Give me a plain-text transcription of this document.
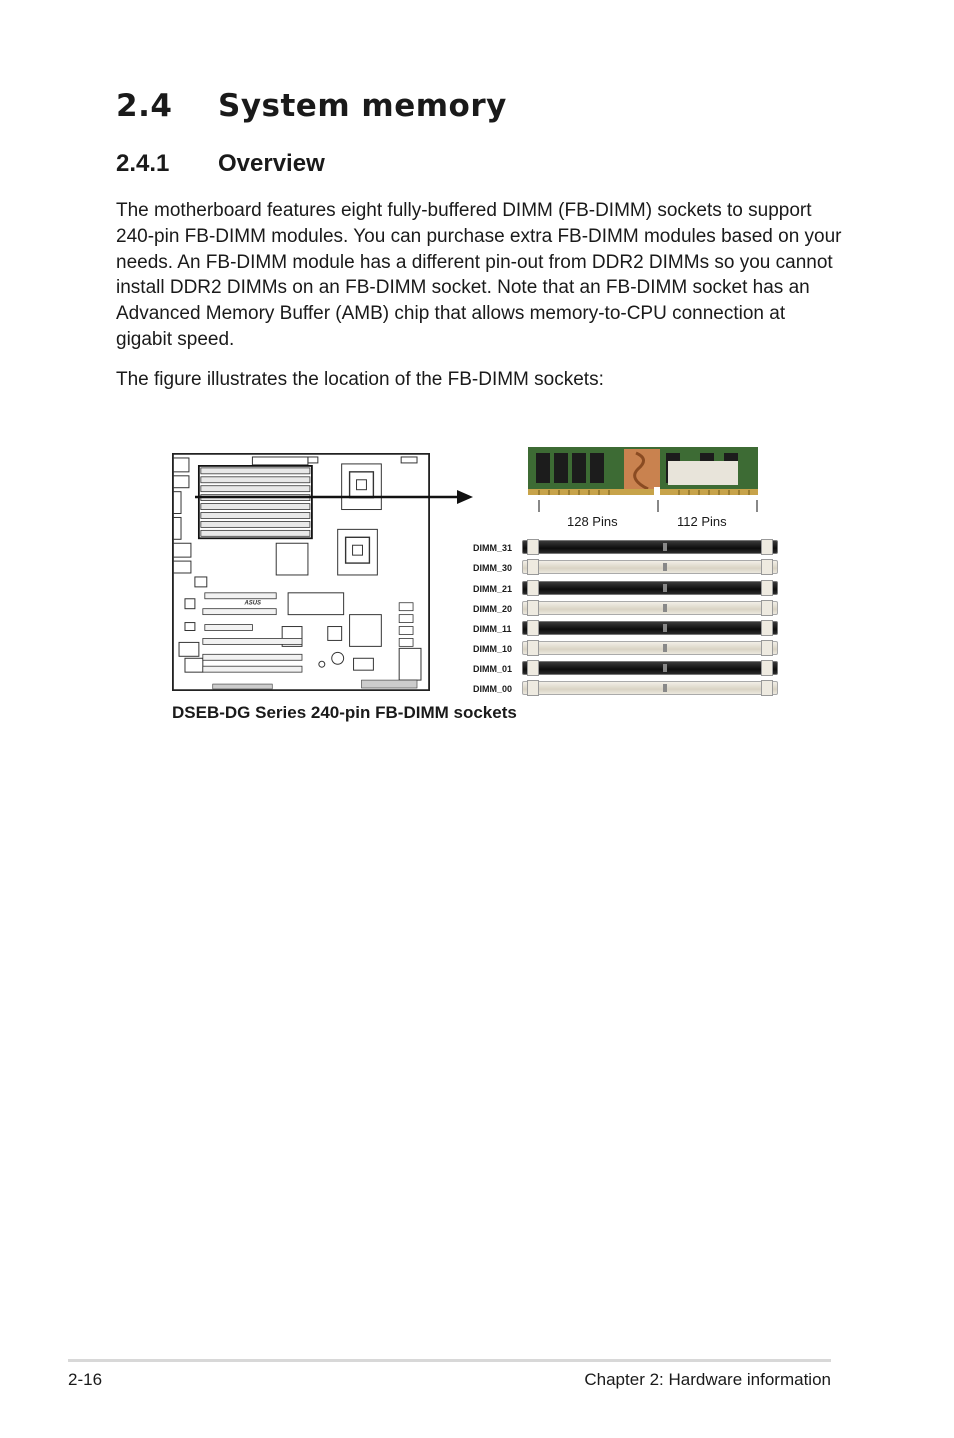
2.4 System memory
2.4.1 Overview

The motherboard features eight fully-buffered DIMM (FB-DIMM) sockets to support 240-pin FB-DIMM modules. You can purchase extra FB-DIMM modules based on your needs. An FB-DIMM module has a different pin-out from DDR2 DIMMs so you cannot install DDR2 DIMMs on an FB-DIMM socket. Note that an FB-DIMM socket has an Advanced Memory Buffer (AMB) chip that allows memory-to-CPU connection at gigabit speed.

The figure illustrates the location of the FB-DIMM sockets:

ASUS
128 Pins	112 Pins
DIMM_31
DIMM_30
DIMM_21
DIMM_20
DIMM_11
DIMM_10
DIMM_01
DIMM_00

DSEB-DG Series 240-pin FB-DIMM sockets

2-16	Chapter 2: Hardware information
